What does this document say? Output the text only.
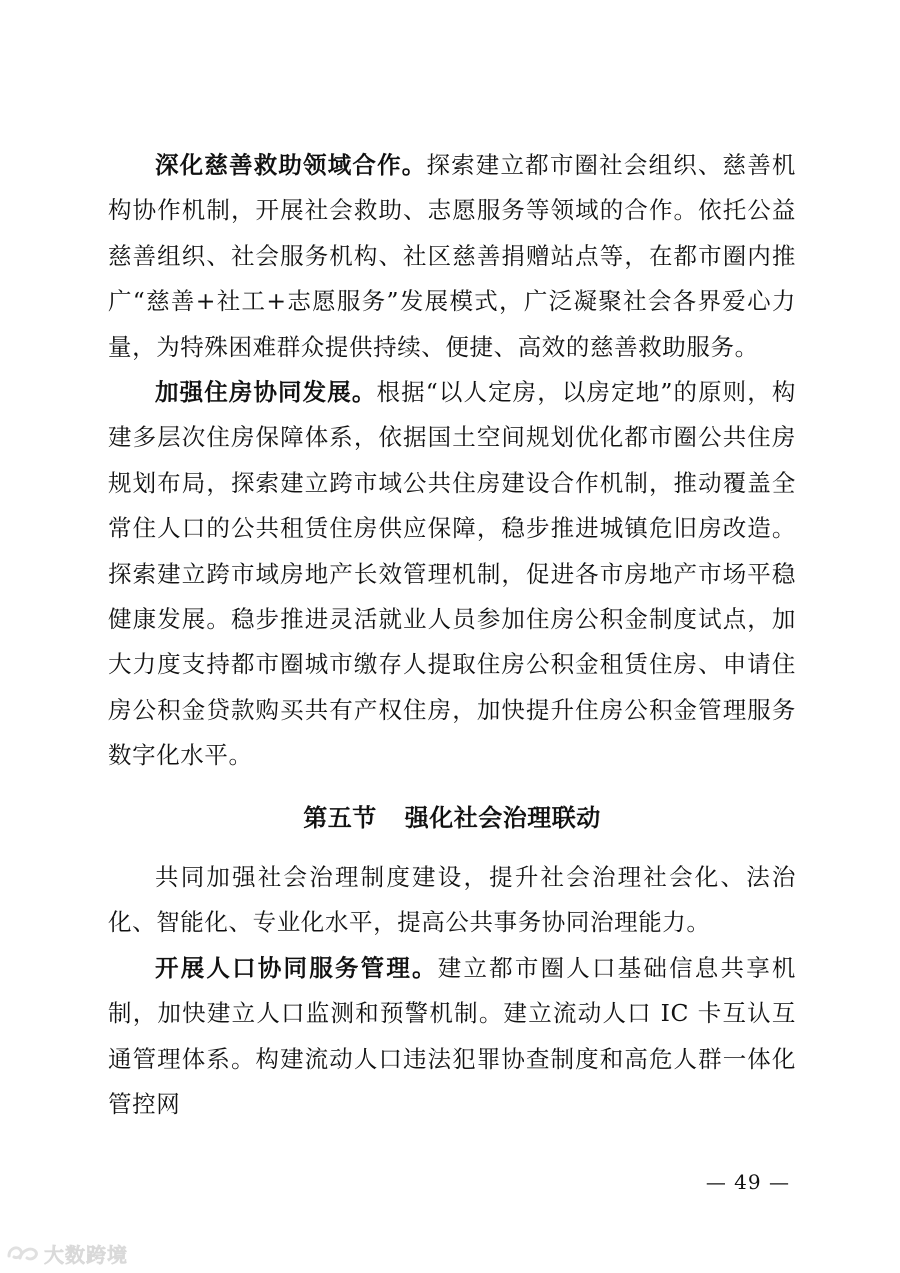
深化慈善救助领域合作。探索建立都市圈社会组织、慈善机构协作机制，开展社会救助、志愿服务等领域的合作。依托公益慈善组织、社会服务机构、社区慈善捐赠站点等，在都市圈内推广“慈善+社工+志愿服务”发展模式，广泛凝聚社会各界爱心力量，为特殊困难群众提供持续、便捷、高效的慈善救助服务。

加强住房协同发展。根据“以人定房，以房定地”的原则，构建多层次住房保障体系，依据国土空间规划优化都市圈公共住房规划布局，探索建立跨市域公共住房建设合作机制，推动覆盖全常住人口的公共租赁住房供应保障，稳步推进城镇危旧房改造。探索建立跨市域房地产长效管理机制，促进各市房地产市场平稳健康发展。稳步推进灵活就业人员参加住房公积金制度试点，加大力度支持都市圈城市缴存人提取住房公积金租赁住房、申请住房公积金贷款购买共有产权住房，加快提升住房公积金管理服务数字化水平。

第五节 强化社会治理联动

共同加强社会治理制度建设，提升社会治理社会化、法治化、智能化、专业化水平，提高公共事务协同治理能力。

开展人口协同服务管理。建立都市圈人口基础信息共享机制，加快建立人口监测和预警机制。建立流动人口 IC 卡互认互通管理体系。构建流动人口违法犯罪协查制度和高危人群一体化管控网

— 49 —
大数跨境
